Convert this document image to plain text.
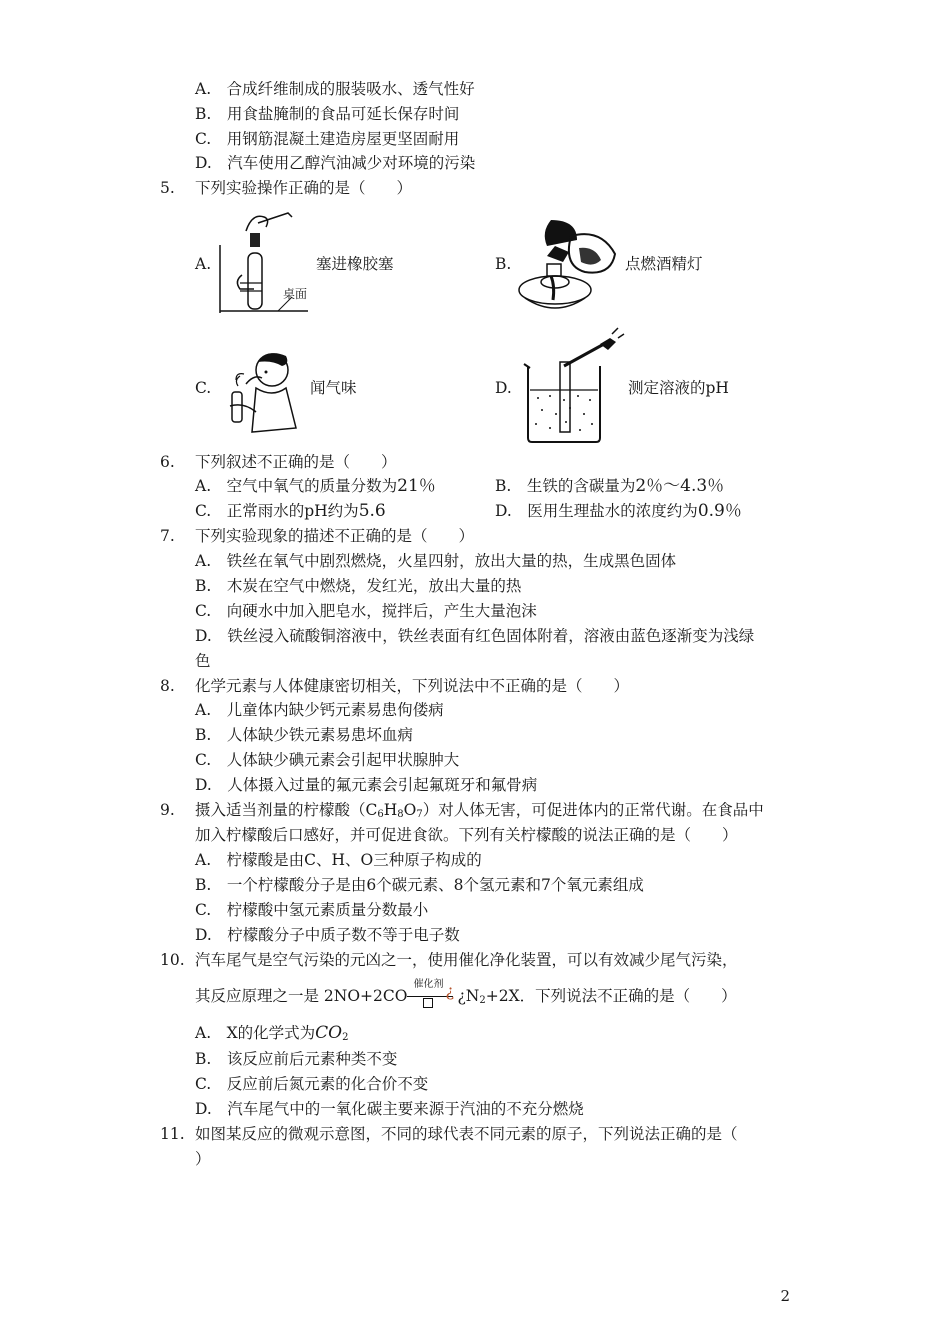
A.　合成纤维制成的服装吸水、透气性好
B.　用食盐腌制的食品可延长保存时间
C.　用钢筋混凝土建造房屋更坚固耐用
D.　汽车使用乙醇汽油减少对环境的污染
5. 下列实验操作正确的是（　　）
A.	塞进橡胶塞
桌面
B.	点燃酒精灯
C.	闻气味	D.	测定溶液的pH
6. 下列叙述不正确的是（　　）
A.　空气中氧气的质量分数为21％	B.　生铁的含碳量为2％～4.3％
C.　正常雨水的pH约为5.6	D.　医用生理盐水的浓度约为0.9％
7. 下列实验现象的描述不正确的是（　　）
A.　铁丝在氧气中剧烈燃烧，火星四射，放出大量的热，生成黑色固体
B.　木炭在空气中燃烧，发红光，放出大量的热
C.　向硬水中加入肥皂水，搅拌后，产生大量泡沫
D.　铁丝浸入硫酸铜溶液中，铁丝表面有红色固体附着，溶液由蓝色逐渐变为浅绿
色
8. 化学元素与人体健康密切相关，下列说法中不正确的是（　　）
A.　儿童体内缺少钙元素易患佝偻病
B.　人体缺少铁元素易患坏血病
C.　人体缺少碘元素会引起甲状腺肿大
D.　人体摄入过量的氟元素会引起氟斑牙和氟骨病
9. 摄入适当剂量的柠檬酸$(C_6H_8O_7)$对人体无害，可促进体内的正常代谢。在食品中
加入柠檬酸后口感好，并可促进食欲。下列有关柠檬酸的说法正确的是（　　）
A.　柠檬酸是由C、H、O三种原子构成的
B.　一个柠檬酸分子是由6个碳元素、8个氢元素和7个氧元素组成
C.　柠檬酸中氢元素质量分数最小
D.　柠檬酸分子中质子数不等于电子数
10. 汽车尾气是空气污染的元凶之一，使用催化净化装置，可以有效减少尾气污染，
其反应原理之一是 2NO+2CO
催化剂 ¿ ¿$N_2+2X$．下列说法不正确的是（　　）
A.　X的化学式为$CO_2$
B.　该反应前后元素种类不变
C.　反应前后氮元素的化合价不变
D.　汽车尾气中的一氧化碳主要来源于汽油的不充分燃烧
11. 如图某反应的微观示意图，不同的球代表不同元素的原子，下列说法正确的是（
）
2
